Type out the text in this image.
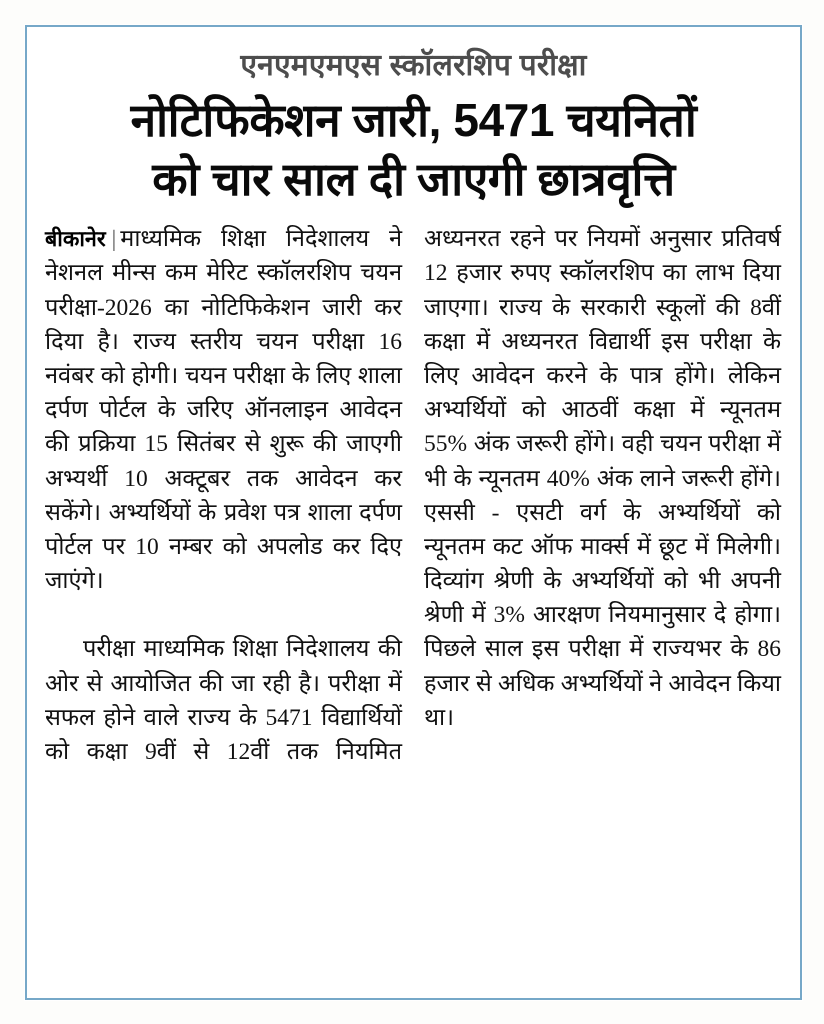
एनएमएमएस स्कॉलरशिप परीक्षा
नोटिफिकेशन जारी, 5471 चयनितों
को चार साल दी जाएगी छात्रवृत्ति

बीकानेर | माध्यमिक शिक्षा निदेशालय ने नेशनल मीन्स कम मेरिट स्कॉलरशिप चयन परीक्षा-2026 का नोटिफिकेशन जारी कर दिया है। राज्य स्तरीय चयन परीक्षा 16 नवंबर को होगी। चयन परीक्षा के लिए शाला दर्पण पोर्टल के जरिए ऑनलाइन आवेदन की प्रक्रिया 15 सितंबर से शुरू की जाएगी अभ्यर्थी 10 अक्टूबर तक आवेदन कर सकेंगे। अभ्यर्थियों के प्रवेश पत्र शाला दर्पण पोर्टल पर 10 नम्बर को अपलोड कर दिए जाएंगे।

परीक्षा माध्यमिक शिक्षा निदेशालय की ओर से आयोजित की जा रही है। परीक्षा में सफल होने वाले राज्य के 5471 विद्यार्थियों को कक्षा 9वीं से 12वीं तक नियमित

अध्यनरत रहने पर नियमों अनुसार प्रतिवर्ष 12 हजार रुपए स्कॉलरशिप का लाभ दिया जाएगा। राज्य के सरकारी स्कूलों की 8वीं कक्षा में अध्यनरत विद्यार्थी इस परीक्षा के लिए आवेदन करने के पात्र होंगे। लेकिन अभ्यर्थियों को आठवीं कक्षा में न्यूनतम 55% अंक जरूरी होंगे। वही चयन परीक्षा में भी के न्यूनतम 40% अंक लाने जरूरी होंगे। एससी - एसटी वर्ग के अभ्यर्थियों को न्यूनतम कट ऑफ मार्क्स में छूट में मिलेगी। दिव्यांग श्रेणी के अभ्यर्थियों को भी अपनी श्रेणी में 3% आरक्षण नियमानुसार दे होगा। पिछले साल इस परीक्षा में राज्यभर के 86 हजार से अधिक अभ्यर्थियों ने आवेदन किया था।
